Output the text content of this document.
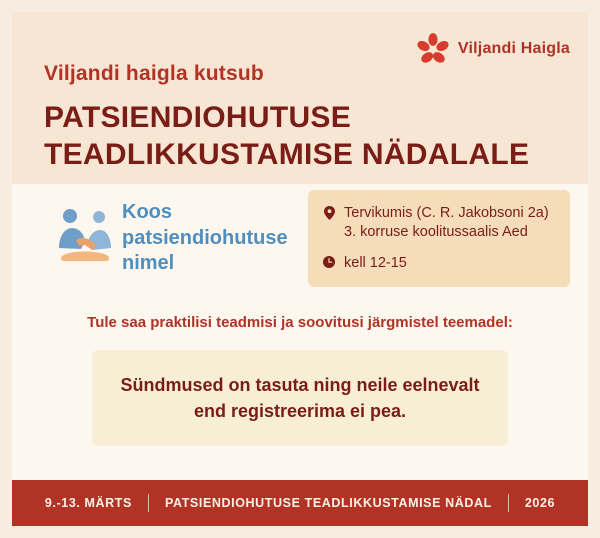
Viljandi Haigla
Viljandi haigla kutsub
PATSIENDIOHUTUSE
TEADLIKKUSTAMISE NÄDALALE
Koos
patsiendiohutuse
nimel
Tervikumis (C. R. Jakobsoni 2a)
3. korruse koolitussaalis Aed
kell 12-15
Tule saa praktilisi teadmisi ja soovitusi järgmistel teemadel:
Sündmused on tasuta ning neile eelnevalt
end registreerima ei pea.
9.-13. MÄRTS	PATSIENDIOHUTUSE TEADLIKKUSTAMISE NÄDAL	2026
